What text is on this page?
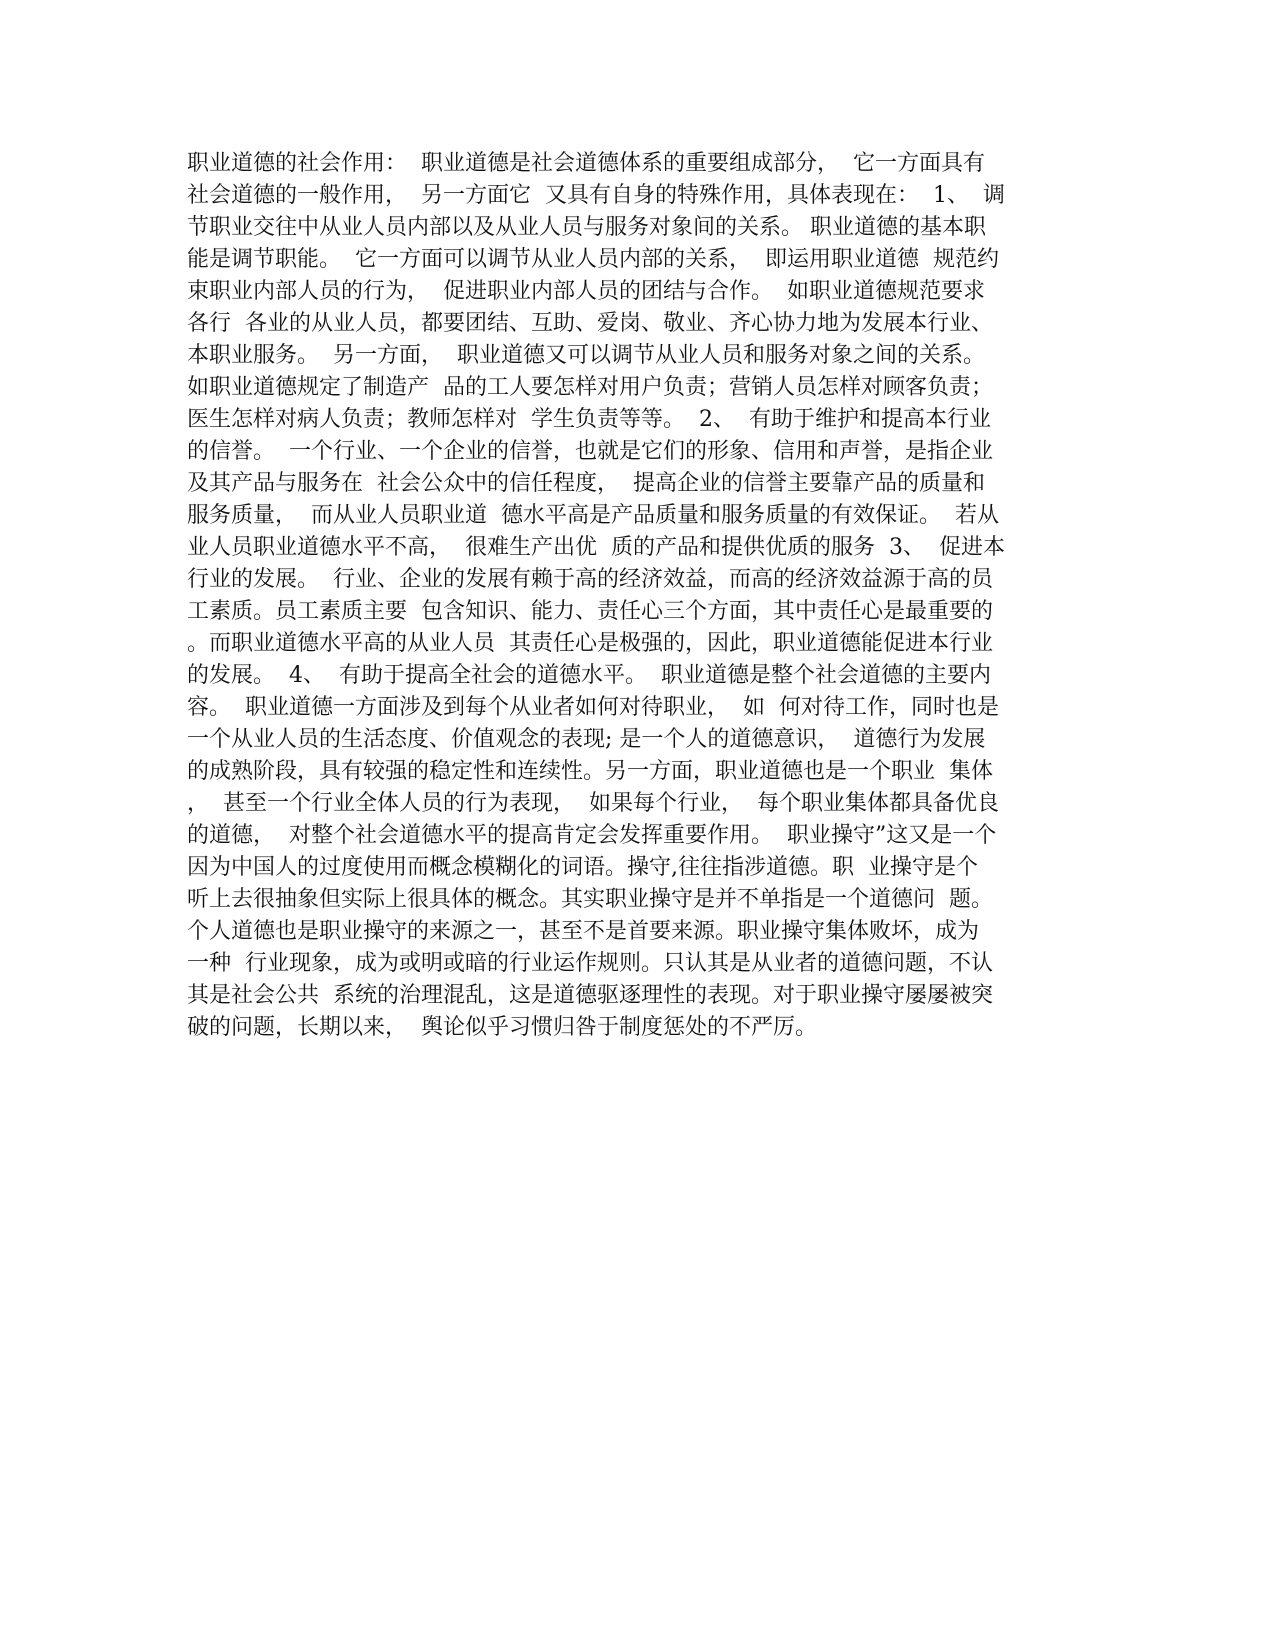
职业道德的社会作用：  职业道德是社会道德体系的重要组成部分，  它一方面具有
社会道德的一般作用，  另一方面它  又具有自身的特殊作用，具体表现在：  1、  调
节职业交往中从业人员内部以及从业人员与服务对象间的关系。 职业道德的基本职
能是调节职能。  它一方面可以调节从业人员内部的关系，  即运用职业道德  规范约
束职业内部人员的行为，  促进职业内部人员的团结与合作。  如职业道德规范要求
各行  各业的从业人员，都要团结、互助、爱岗、敬业、齐心协力地为发展本行业、
本职业服务。  另一方面，  职业道德又可以调节从业人员和服务对象之间的关系。
如职业道德规定了制造产  品的工人要怎样对用户负责；营销人员怎样对顾客负责；
医生怎样对病人负责；教师怎样对  学生负责等等。  2、  有助于维护和提高本行业
的信誉。  一个行业、一个企业的信誉，也就是它们的形象、信用和声誉，是指企业
及其产品与服务在  社会公众中的信任程度，  提高企业的信誉主要靠产品的质量和
服务质量，  而从业人员职业道  德水平高是产品质量和服务质量的有效保证。  若从
业人员职业道德水平不高，  很难生产出优  质的产品和提供优质的服务  3、  促进本
行业的发展。  行业、企业的发展有赖于高的经济效益，而高的经济效益源于高的员
工素质。员工素质主要  包含知识、能力、责任心三个方面，其中责任心是最重要的
。而职业道德水平高的从业人员  其责任心是极强的，因此，职业道德能促进本行业
的发展。  4、  有助于提高全社会的道德水平。  职业道德是整个社会道德的主要内
容。  职业道德一方面涉及到每个从业者如何对待职业，  如  何对待工作，同时也是
一个从业人员的生活态度、价值观念的表现; 是一个人的道德意识，  道德行为发展
的成熟阶段，具有较强的稳定性和连续性。另一方面，职业道德也是一个职业  集体
，  甚至一个行业全体人员的行为表现，  如果每个行业，  每个职业集体都具备优良
的道德，  对整个社会道德水平的提高肯定会发挥重要作用。  职业操守”这又是一个
因为中国人的过度使用而概念模糊化的词语。操守,往往指涉道德。职  业操守是个
听上去很抽象但实际上很具体的概念。其实职业操守是并不单指是一个道德问  题。
个人道德也是职业操守的来源之一，甚至不是首要来源。职业操守集体败坏，成为
一种  行业现象，成为或明或暗的行业运作规则。只认其是从业者的道德问题，不认
其是社会公共  系统的治理混乱，这是道德驱逐理性的表现。对于职业操守屡屡被突
破的问题，长期以来，  舆论似乎习惯归咎于制度惩处的不严厉。
